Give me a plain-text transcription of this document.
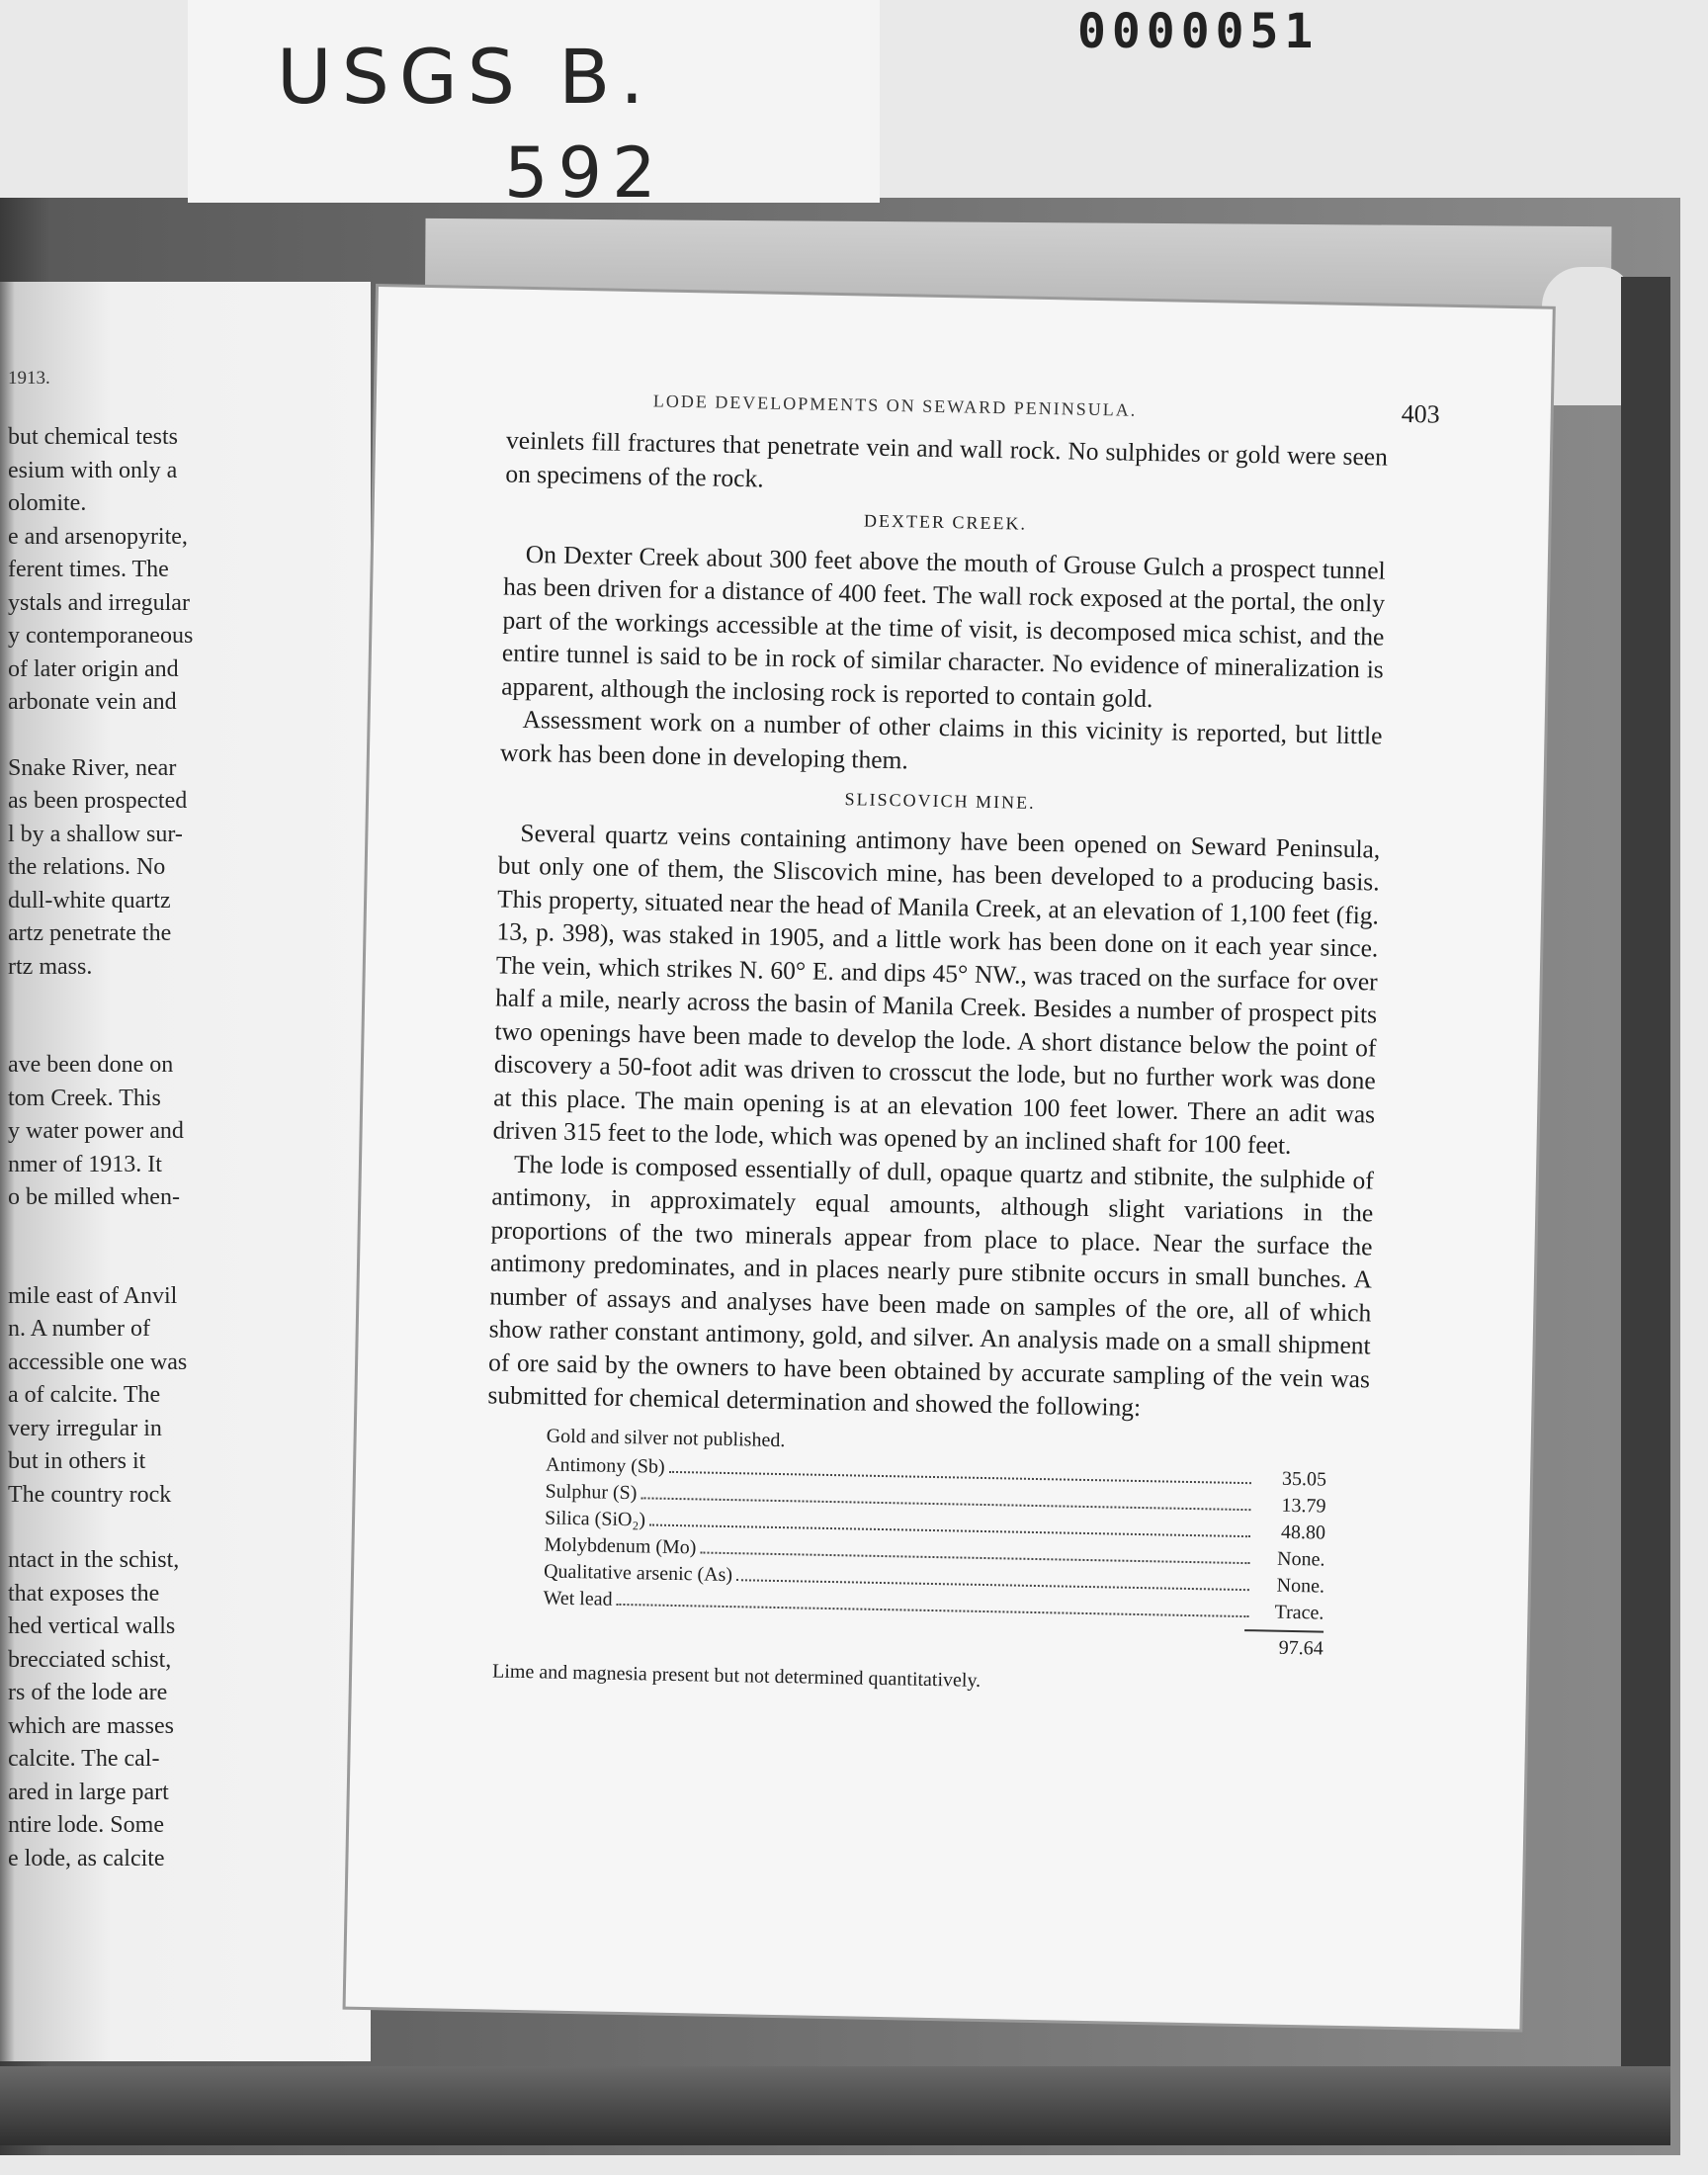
USGS B.
592
0000051
1913.
but chemical tests
esium with only a
olomite.
e and arsenopyrite,
ferent times. The
ystals and irregular
y contemporaneous
of later origin and
arbonate vein and
Snake River, near
as been prospected
l by a shallow sur-
the relations. No
dull-white quartz
artz penetrate the
rtz mass.
ave been done on
tom Creek. This
y water power and
nmer of 1913. It
o be milled when-
mile east of Anvil
n. A number of
accessible one was
a of calcite. The
very irregular in
but in others it
The country rock
ntact in the schist,
that exposes the
hed vertical walls
brecciated schist,
rs of the lode are
which are masses
calcite. The cal-
ared in large part
ntire lode. Some
e lode, as calcite
LODE DEVELOPMENTS ON SEWARD PENINSULA.	403

veinlets fill fractures that penetrate vein and wall rock. No sulphides or gold were seen on specimens of the rock.

DEXTER CREEK.

On Dexter Creek about 300 feet above the mouth of Grouse Gulch a prospect tunnel has been driven for a distance of 400 feet. The wall rock exposed at the portal, the only part of the workings accessible at the time of visit, is decomposed mica schist, and the entire tunnel is said to be in rock of similar character. No evidence of mineralization is apparent, although the inclosing rock is reported to contain gold.

Assessment work on a number of other claims in this vicinity is reported, but little work has been done in developing them.

SLISCOVICH MINE.

Several quartz veins containing antimony have been opened on Seward Peninsula, but only one of them, the Sliscovich mine, has been developed to a producing basis. This property, situated near the head of Manila Creek, at an elevation of 1,100 feet (fig. 13, p. 398), was staked in 1905, and a little work has been done on it each year since. The vein, which strikes N. 60° E. and dips 45° NW., was traced on the surface for over half a mile, nearly across the basin of Manila Creek. Besides a number of prospect pits two openings have been made to develop the lode. A short distance below the point of discovery a 50-foot adit was driven to crosscut the lode, but no further work was done at this place. The main opening is at an elevation 100 feet lower. There an adit was driven 315 feet to the lode, which was opened by an inclined shaft for 100 feet.

The lode is composed essentially of dull, opaque quartz and stibnite, the sulphide of antimony, in approximately equal amounts, although slight variations in the proportions of the two minerals appear from place to place. Near the surface the antimony predominates, and in places nearly pure stibnite occurs in small bunches. A number of assays and analyses have been made on samples of the ore, all of which show rather constant antimony, gold, and silver. An analysis made on a small shipment of ore said by the owners to have been obtained by accurate sampling of the vein was submitted for chemical determination and showed the following:

Gold and silver not published.
Antimony (Sb)
35.05
Sulphur (S)
13.79
Silica (SiO₂)
48.80
Molybdenum (Mo)
None.
Qualitative arsenic (As)
None.
Wet lead
Trace.
97.64
Lime and magnesia present but not determined quantitatively.
